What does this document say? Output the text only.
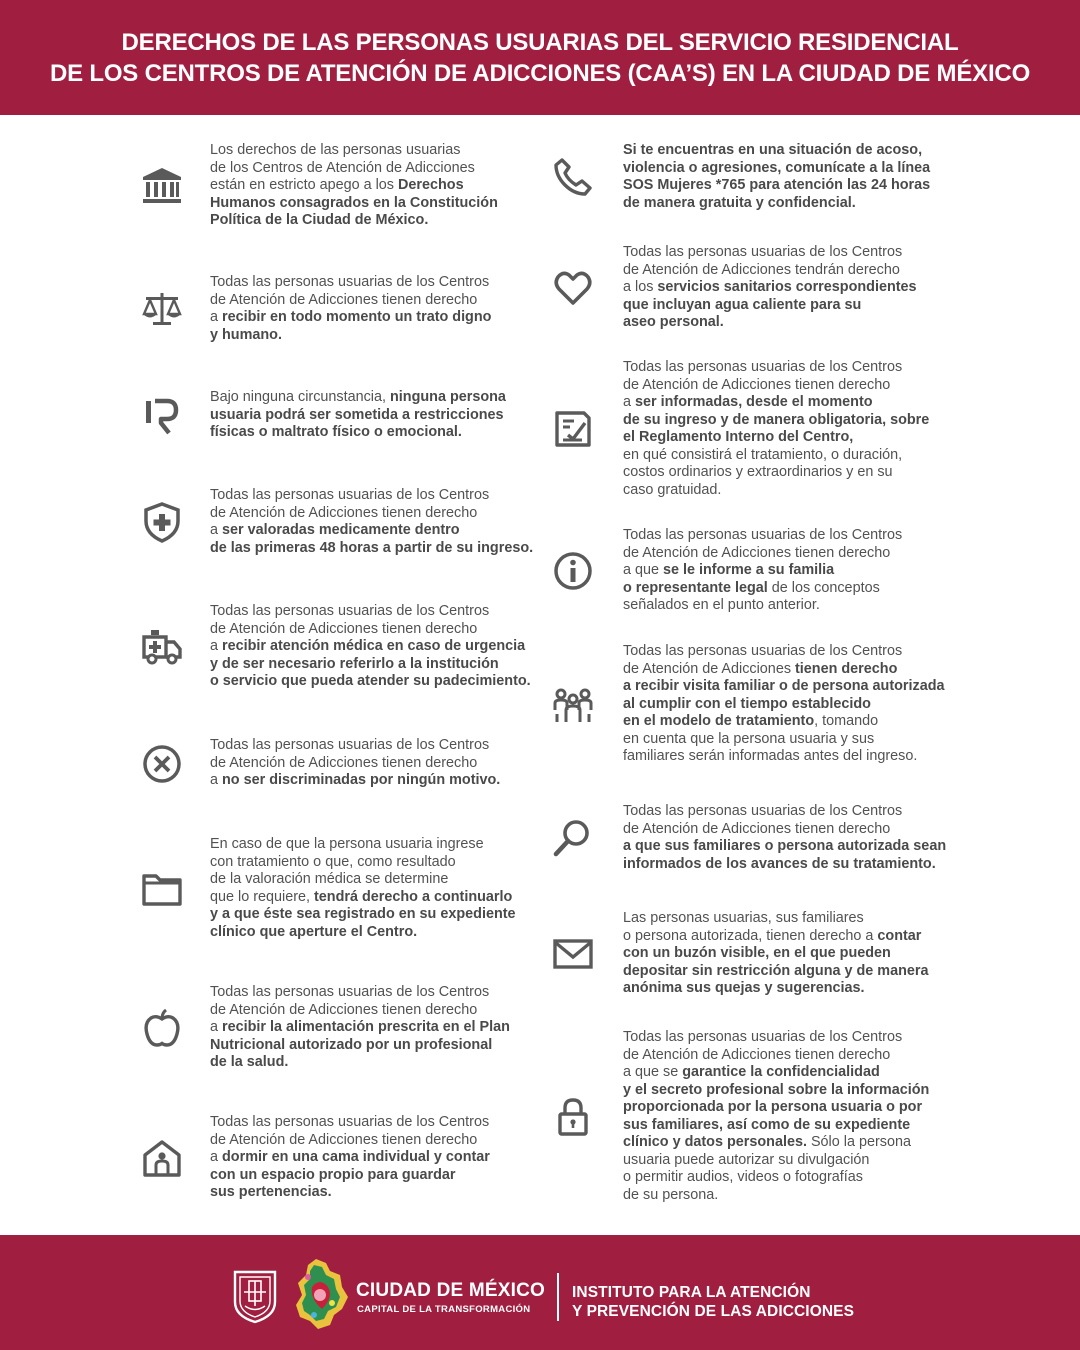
DERECHOS DE LAS PERSONAS USUARIAS DEL SERVICIO RESIDENCIAL
DE LOS CENTROS DE ATENCIÓN DE ADICCIONES (CAA’S) EN LA CIUDAD DE MÉXICO

Los derechos de las personas usuarias
de los Centros de Atención de Adicciones
están en estricto apego a los Derechos
Humanos consagrados en la Constitución
Política de la Ciudad de México.

Todas las personas usuarias de los Centros
de Atención de Adicciones tienen derecho
a recibir en todo momento un trato digno
y humano.

Bajo ninguna circunstancia, ninguna persona
usuaria podrá ser sometida a restricciones
físicas o maltrato físico o emocional.

Todas las personas usuarias de los Centros
de Atención de Adicciones tienen derecho
a ser valoradas medicamente dentro
de las primeras 48 horas a partir de su ingreso.

Todas las personas usuarias de los Centros
de Atención de Adicciones tienen derecho
a recibir atención médica en caso de urgencia
y de ser necesario referirlo a la institución
o servicio que pueda atender su padecimiento.

Todas las personas usuarias de los Centros
de Atención de Adicciones tienen derecho
a no ser discriminadas por ningún motivo.

En caso de que la persona usuaria ingrese
con tratamiento o que, como resultado
de la valoración médica se determine
que lo requiere, tendrá derecho a continuarlo
y a que éste sea registrado en su expediente
clínico que aperture el Centro.

Todas las personas usuarias de los Centros
de Atención de Adicciones tienen derecho
a recibir la alimentación prescrita en el Plan
Nutricional autorizado por un profesional
de la salud.

Todas las personas usuarias de los Centros
de Atención de Adicciones tienen derecho
a dormir en una cama individual y contar
con un espacio propio para guardar
sus pertenencias.

Si te encuentras en una situación de acoso,
violencia o agresiones, comunícate a la línea
SOS Mujeres *765 para atención las 24 horas
de manera gratuita y confidencial.

Todas las personas usuarias de los Centros
de Atención de Adicciones tendrán derecho
a los servicios sanitarios correspondientes
que incluyan agua caliente para su
aseo personal.

Todas las personas usuarias de los Centros
de Atención de Adicciones tienen derecho
a ser informadas, desde el momento
de su ingreso y de manera obligatoria, sobre
el Reglamento Interno del Centro,
en qué consistirá el tratamiento, o duración,
costos ordinarios y extraordinarios y en su
caso gratuidad.

Todas las personas usuarias de los Centros
de Atención de Adicciones tienen derecho
a que se le informe a su familia
o representante legal de los conceptos
señalados en el punto anterior.

Todas las personas usuarias de los Centros
de Atención de Adicciones tienen derecho
a recibir visita familiar o de persona autorizada
al cumplir con el tiempo establecido
en el modelo de tratamiento, tomando
en cuenta que la persona usuaria y sus
familiares serán informadas antes del ingreso.

Todas las personas usuarias de los Centros
de Atención de Adicciones tienen derecho
a que sus familiares o persona autorizada sean
informados de los avances de su tratamiento.

Las personas usuarias, sus familiares
o persona autorizada, tienen derecho a contar
con un buzón visible, en el que pueden
depositar sin restricción alguna y de manera
anónima sus quejas y sugerencias.

Todas las personas usuarias de los Centros
de Atención de Adicciones tienen derecho
a que se garantice la confidencialidad
y el secreto profesional sobre la información
proporcionada por la persona usuaria o por
sus familiares, así como de su expediente
clínico y datos personales. Sólo la persona
usuaria puede autorizar su divulgación
o permitir audios, videos o fotografías
de su persona.

CIUDAD DE MÉXICO
CAPITAL DE LA TRANSFORMACIÓN
INSTITUTO PARA LA ATENCIÓN
Y PREVENCIÓN DE LAS ADICCIONES
